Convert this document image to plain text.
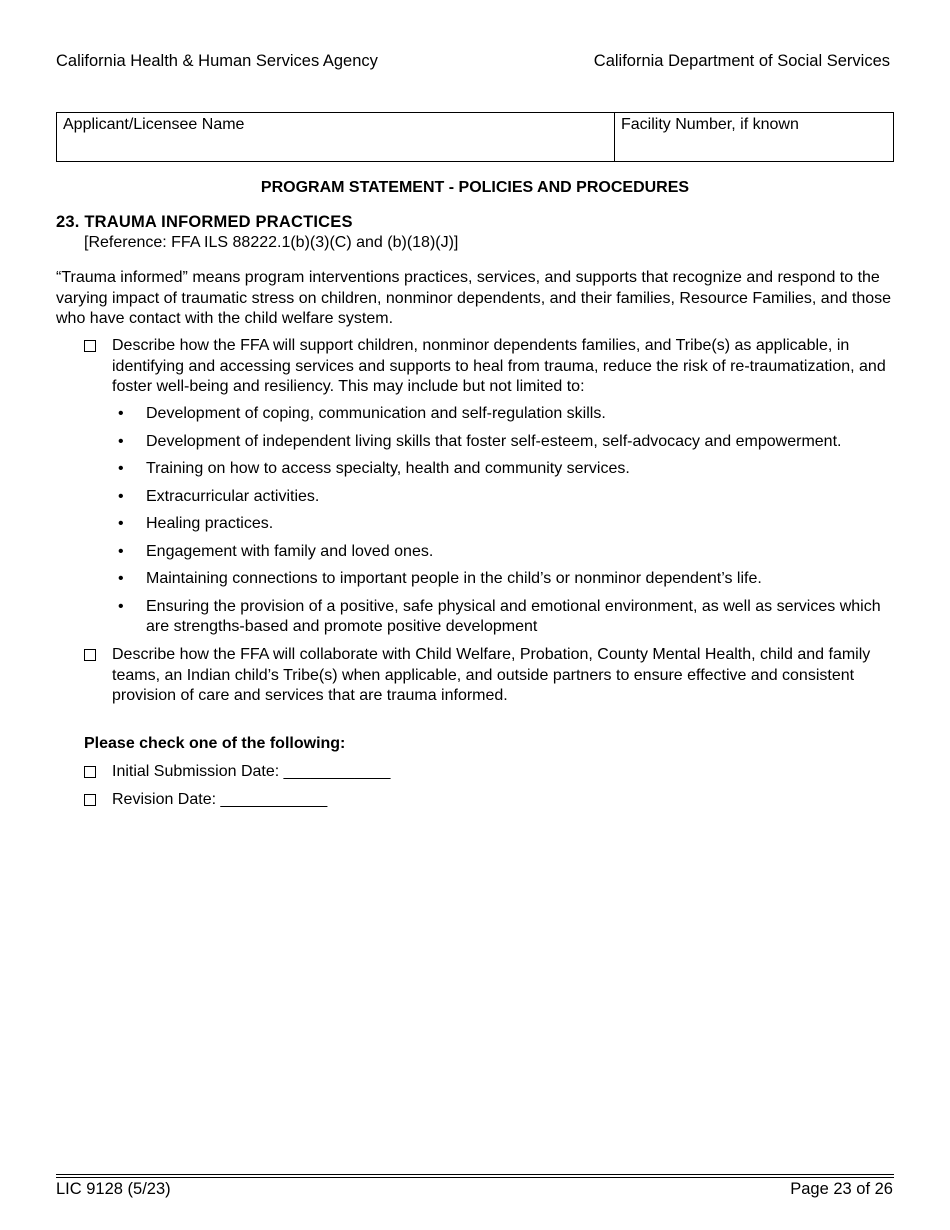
California Health & Human Services Agency	California Department of Social Services
Applicant/Licensee Name	Facility Number, if known
PROGRAM STATEMENT - POLICIES AND PROCEDURES
23. TRAUMA INFORMED PRACTICES
[Reference: FFA ILS 88222.1(b)(3)(C) and (b)(18)(J)]
“Trauma informed” means program interventions practices, services, and supports that recognize and respond to the varying impact of traumatic stress on children, nonminor dependents, and their families, Resource Families, and those who have contact with the child welfare system.
Describe how the FFA will support children, nonminor dependents families, and Tribe(s) as applicable, in identifying and accessing services and supports to heal from trauma, reduce the risk of re-traumatization, and foster well-being and resiliency. This may include but not limited to:
• Development of coping, communication and self-regulation skills.
• Development of independent living skills that foster self-esteem, self-advocacy and empowerment.
• Training on how to access specialty, health and community services.
• Extracurricular activities.
• Healing practices.
• Engagement with family and loved ones.
• Maintaining connections to important people in the child’s or nonminor dependent’s life.
• Ensuring the provision of a positive, safe physical and emotional environment, as well as services which are strengths-based and promote positive development
Describe how the FFA will collaborate with Child Welfare, Probation, County Mental Health, child and family teams, an Indian child’s Tribe(s) when applicable, and outside partners to ensure effective and consistent provision of care and services that are trauma informed.
Please check one of the following:
Initial Submission Date: ____________
Revision Date: ____________
LIC 9128 (5/23)	Page 23 of 26
